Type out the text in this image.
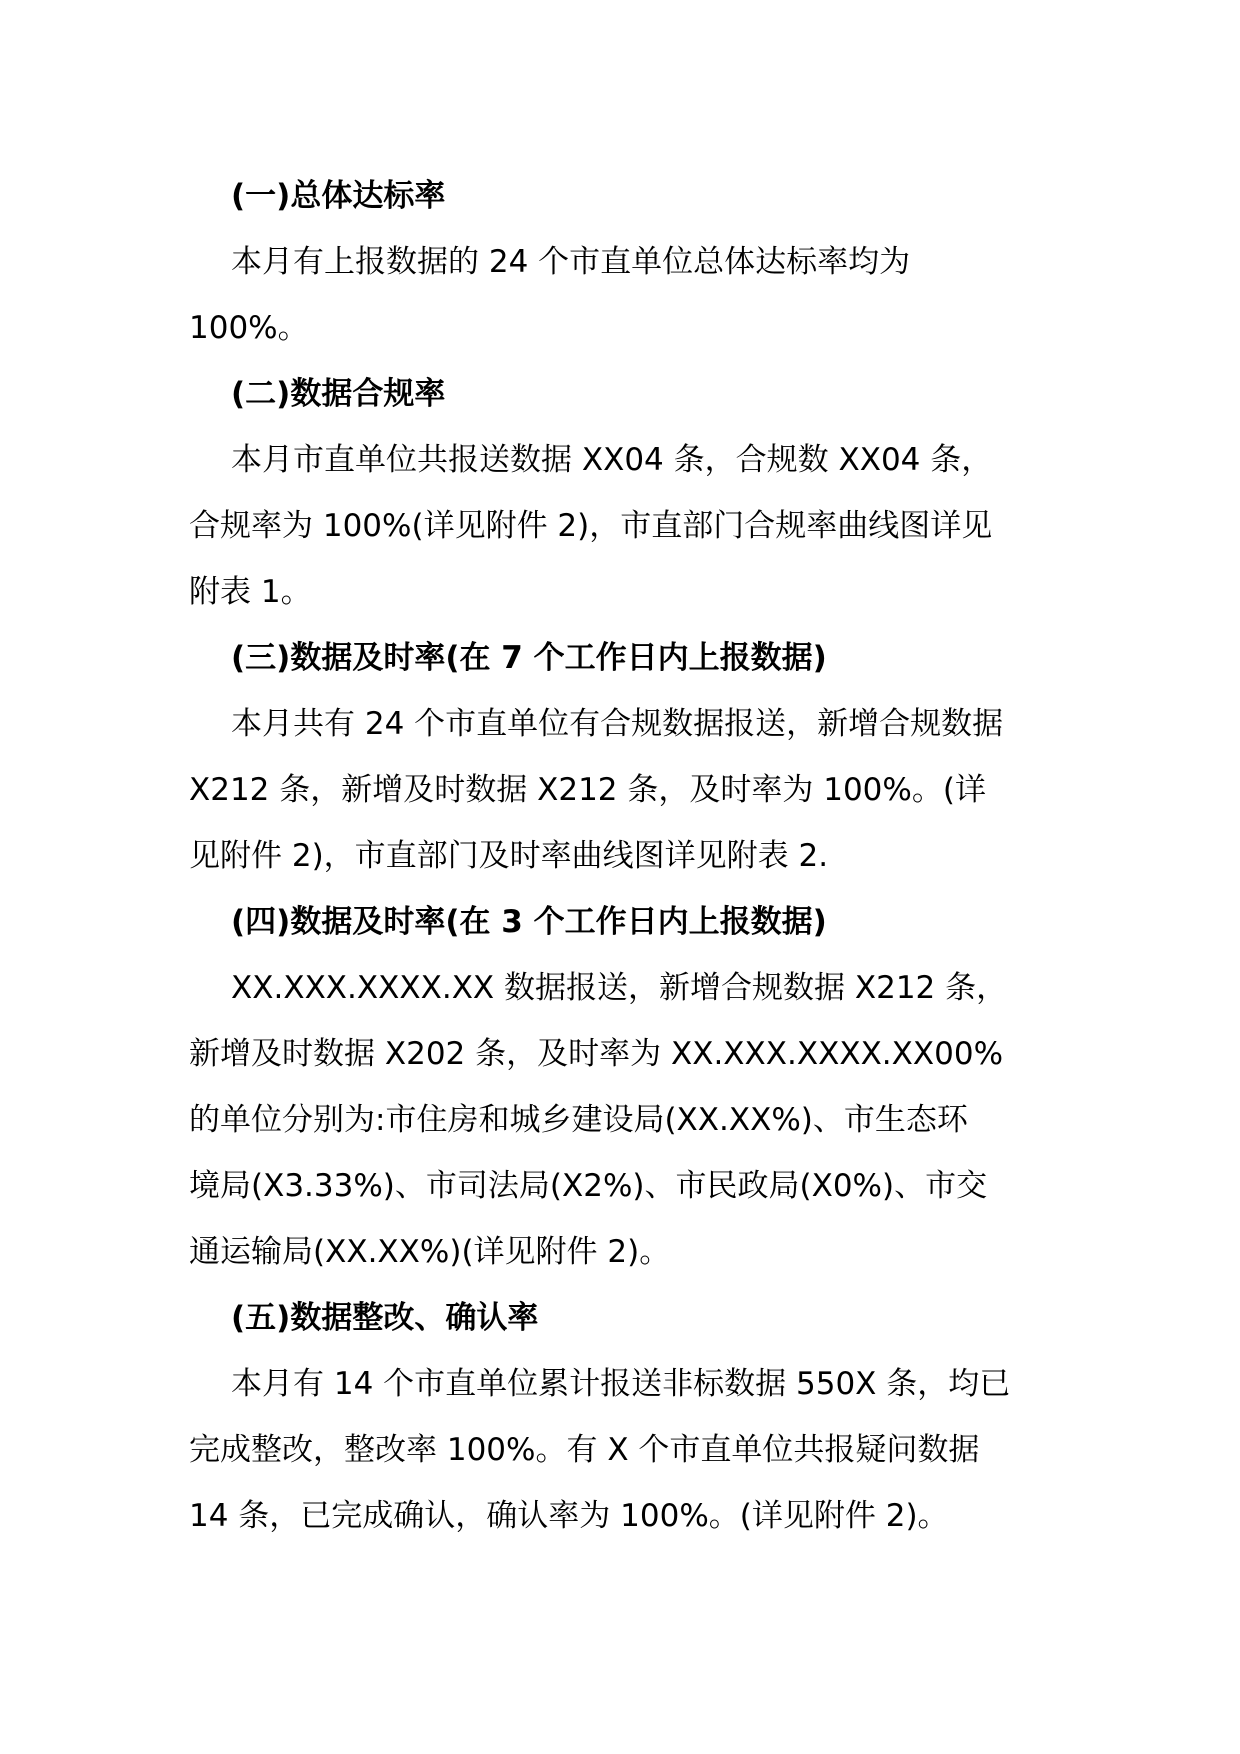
(一)总体达标率

本月有上报数据的 24 个市直单位总体达标率均为
100%。

(二)数据合规率

本月市直单位共报送数据 XX04 条，合规数 XX04 条，
合规率为 100%(详见附件 2)，市直部门合规率曲线图详见
附表 1。

(三)数据及时率(在 7 个工作日内上报数据)

本月共有 24 个市直单位有合规数据报送，新增合规数据
X212 条，新增及时数据 X212 条，及时率为 100%。(详
见附件 2)，市直部门及时率曲线图详见附表 2.

(四)数据及时率(在 3 个工作日内上报数据)

XX.XXX.XXXX.XX 数据报送，新增合规数据 X212 条，
新增及时数据 X202 条，及时率为 XX.XXX.XXXX.XX00%
的单位分别为:市住房和城乡建设局(XX.XX%)、市生态环
境局(X3.33%)、市司法局(X2%)、市民政局(X0%)、市交
通运输局(XX.XX%)(详见附件 2)。

(五)数据整改、确认率

本月有 14 个市直单位累计报送非标数据 550X 条，均已
完成整改，整改率 100%。有 X 个市直单位共报疑问数据
14 条，已完成确认，确认率为 100%。(详见附件 2)。
